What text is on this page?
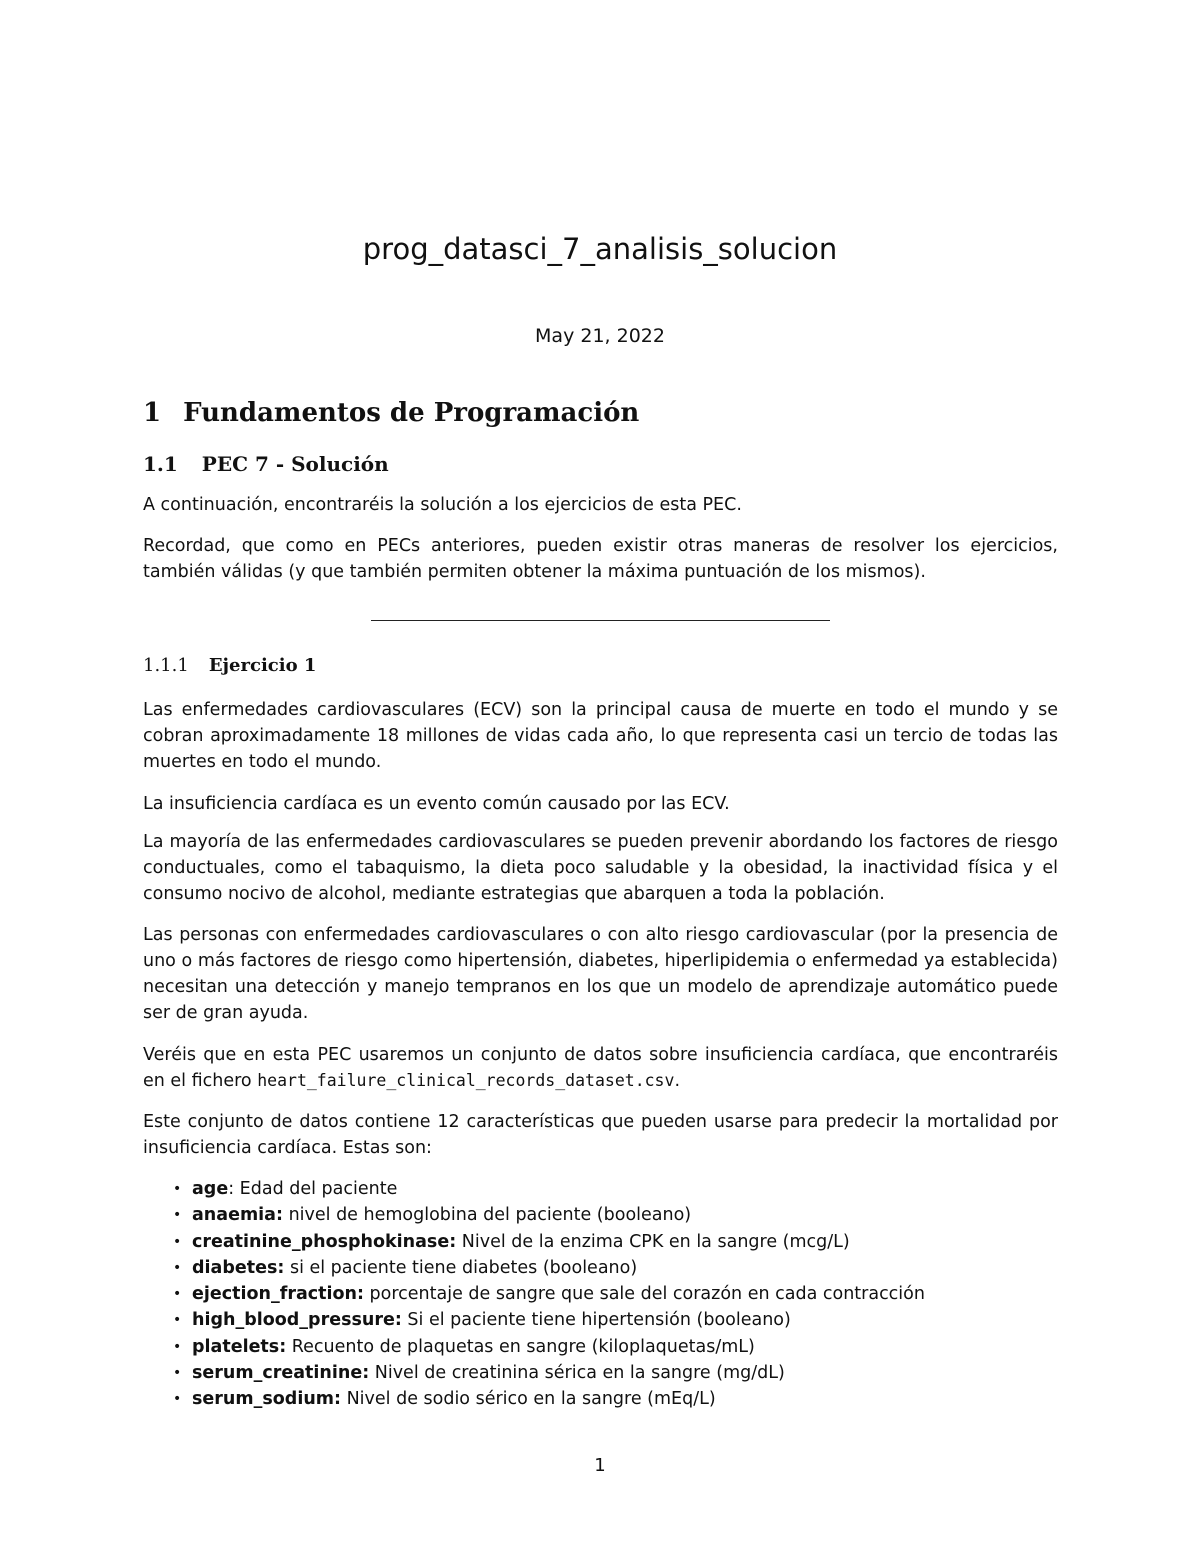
prog_datasci_7_analisis_solucion
May 21, 2022
1 Fundamentos de Programación
1.1 PEC 7 - Solución
A continuación, encontraréis la solución a los ejercicios de esta PEC.
Recordad, que como en PECs anteriores, pueden existir otras maneras de resolver los ejercicios, también válidas (y que también permiten obtener la máxima puntuación de los mismos).
1.1.1 Ejercicio 1
Las enfermedades cardiovasculares (ECV) son la principal causa de muerte en todo el mundo y se cobran aproximadamente 18 millones de vidas cada año, lo que representa casi un tercio de todas las muertes en todo el mundo.
La insuficiencia cardíaca es un evento común causado por las ECV.
La mayoría de las enfermedades cardiovasculares se pueden prevenir abordando los factores de riesgo conductuales, como el tabaquismo, la dieta poco saludable y la obesidad, la inactividad física y el consumo nocivo de alcohol, mediante estrategias que abarquen a toda la población.
Las personas con enfermedades cardiovasculares o con alto riesgo cardiovascular (por la presencia de uno o más factores de riesgo como hipertensión, diabetes, hiperlipidemia o enfermedad ya establecida) necesitan una detección y manejo tempranos en los que un modelo de aprendizaje automático puede ser de gran ayuda.
Veréis que en esta PEC usaremos un conjunto de datos sobre insuficiencia cardíaca, que encontraréis en el fichero heart_failure_clinical_records_dataset.csv.
Este conjunto de datos contiene 12 características que pueden usarse para predecir la mortalidad por insuficiencia cardíaca. Estas son:
• age: Edad del paciente
• anaemia: nivel de hemoglobina del paciente (booleano)
• creatinine_phosphokinase: Nivel de la enzima CPK en la sangre (mcg/L)
• diabetes: si el paciente tiene diabetes (booleano)
• ejection_fraction: porcentaje de sangre que sale del corazón en cada contracción
• high_blood_pressure: Si el paciente tiene hipertensión (booleano)
• platelets: Recuento de plaquetas en sangre (kiloplaquetas/mL)
• serum_creatinine: Nivel de creatinina sérica en la sangre (mg/dL)
• serum_sodium: Nivel de sodio sérico en la sangre (mEq/L)
1
